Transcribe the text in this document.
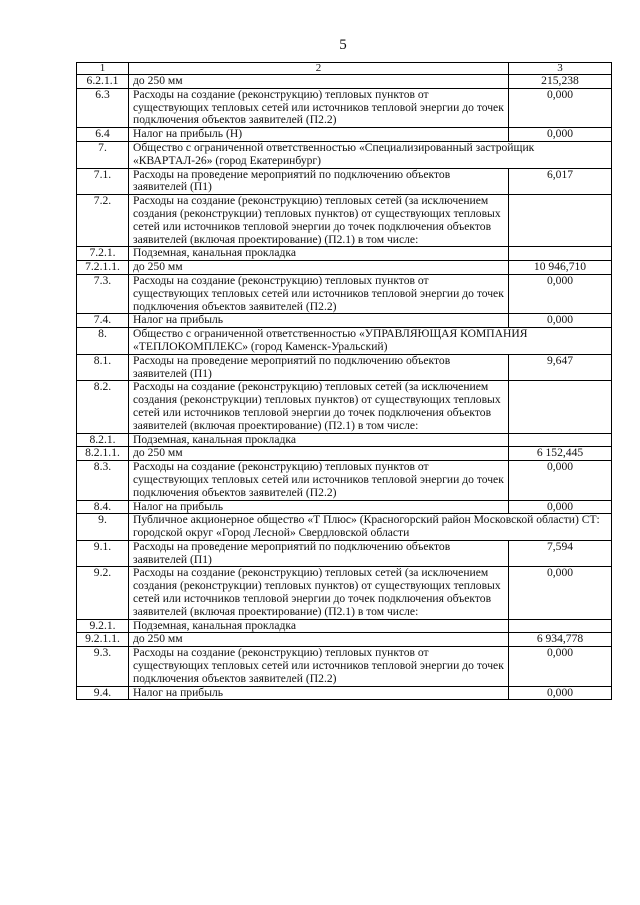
5
1	2	3
6.2.1.1	до 250 мм	215,238
6.3	Расходы на создание (реконструкцию) тепловых пунктов от существующих тепловых сетей или источников тепловой энергии до точек подключения объектов заявителей (П2.2)	0,000
6.4	Налог на прибыль (Н)	0,000
7.	Общество с ограниченной ответственностью «Специализированный застройщик «КВАРТАЛ-26» (город Екатеринбург)	
7.1.	Расходы на проведение мероприятий по подключению объектов заявителей (П1)	6,017
7.2.	Расходы на создание (реконструкцию) тепловых сетей (за исключением создания (реконструкции) тепловых пунктов) от существующих тепловых сетей или источников тепловой энергии до точек подключения объектов заявителей (включая проектирование) (П2.1) в том числе:	
7.2.1.	Подземная, канальная прокладка	
7.2.1.1.	до 250 мм	10 946,710
7.3.	Расходы на создание (реконструкцию) тепловых пунктов от существующих тепловых сетей или источников тепловой энергии до точек подключения объектов заявителей (П2.2)	0,000
7.4.	Налог на прибыль	0,000
8.	Общество с ограниченной ответственностью «УПРАВЛЯЮЩАЯ КОМПАНИЯ «ТЕПЛОКОМПЛЕКС» (город Каменск-Уральский)	
8.1.	Расходы на проведение мероприятий по подключению объектов заявителей (П1)	9,647
8.2.	Расходы на создание (реконструкцию) тепловых сетей (за исключением создания (реконструкции) тепловых пунктов) от существующих тепловых сетей или источников тепловой энергии до точек подключения объектов заявителей (включая проектирование) (П2.1) в том числе:	
8.2.1.	Подземная, канальная прокладка	
8.2.1.1.	до 250 мм	6 152,445
8.3.	Расходы на создание (реконструкцию) тепловых пунктов от существующих тепловых сетей или источников тепловой энергии до точек подключения объектов заявителей (П2.2)	0,000
8.4.	Налог на прибыль	0,000
9.	Публичное акционерное общество «Т Плюс» (Красногорский район Московской области) СТ: городской округ «Город Лесной» Свердловской области	
9.1.	Расходы на проведение мероприятий по подключению объектов заявителей (П1)	7,594
9.2.	Расходы на создание (реконструкцию) тепловых сетей (за исключением создания (реконструкции) тепловых пунктов) от существующих тепловых сетей или источников тепловой энергии до точек подключения объектов заявителей (включая проектирование) (П2.1) в том числе:	0,000
9.2.1.	Подземная, канальная прокладка	
9.2.1.1.	до 250 мм	6 934,778
9.3.	Расходы на создание (реконструкцию) тепловых пунктов от существующих тепловых сетей или источников тепловой энергии до точек подключения объектов заявителей (П2.2)	0,000
9.4.	Налог на прибыль	0,000
